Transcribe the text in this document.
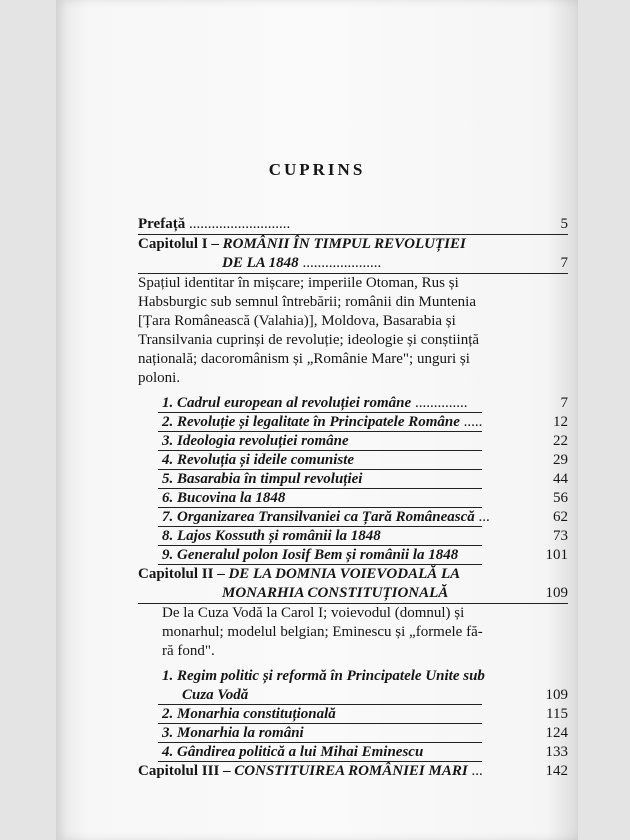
CUPRINS
Prefață ...........................	5
Capitolul I – ROMÂNII ÎN TIMPUL REVOLUȚIEI
DE LA 1848 .....................	7
Spațiul identitar în mișcare; imperiile Otoman, Rus și
Habsburgic sub semnul întrebării; românii din Muntenia
[Țara Românească (Valahia)], Moldova, Basarabia și
Transilvania cuprinși de revoluție; ideologie și conștiință
națională; dacoromânism și „Românie Mare"; unguri și
poloni.
1. Cadrul european al revoluției române ..............	7
2. Revoluție și legalitate în Principatele Române .....	12
3. Ideologia revoluției române	22
4. Revoluția și ideile comuniste	29
5. Basarabia în timpul revoluției	44
6. Bucovina la 1848	56
7. Organizarea Transilvaniei ca Țară Românească ...	62
8. Lajos Kossuth și românii la 1848	73
9. Generalul polon Iosif Bem și românii la 1848	101
Capitolul II – DE LA DOMNIA VOIEVODALĂ LA
MONARHIA CONSTITUȚIONALĂ	109
De la Cuza Vodă la Carol I; voievodul (domnul) și
monarhul; modelul belgian; Eminescu și „formele fă-
ră fond".
1. Regim politic și reformă în Principatele Unite sub
Cuza Vodă	109
2. Monarhia constituțională	115
3. Monarhia la români	124
4. Gândirea politică a lui Mihai Eminescu	133
Capitolul III – CONSTITUIREA ROMÂNIEI MARI ...	142
